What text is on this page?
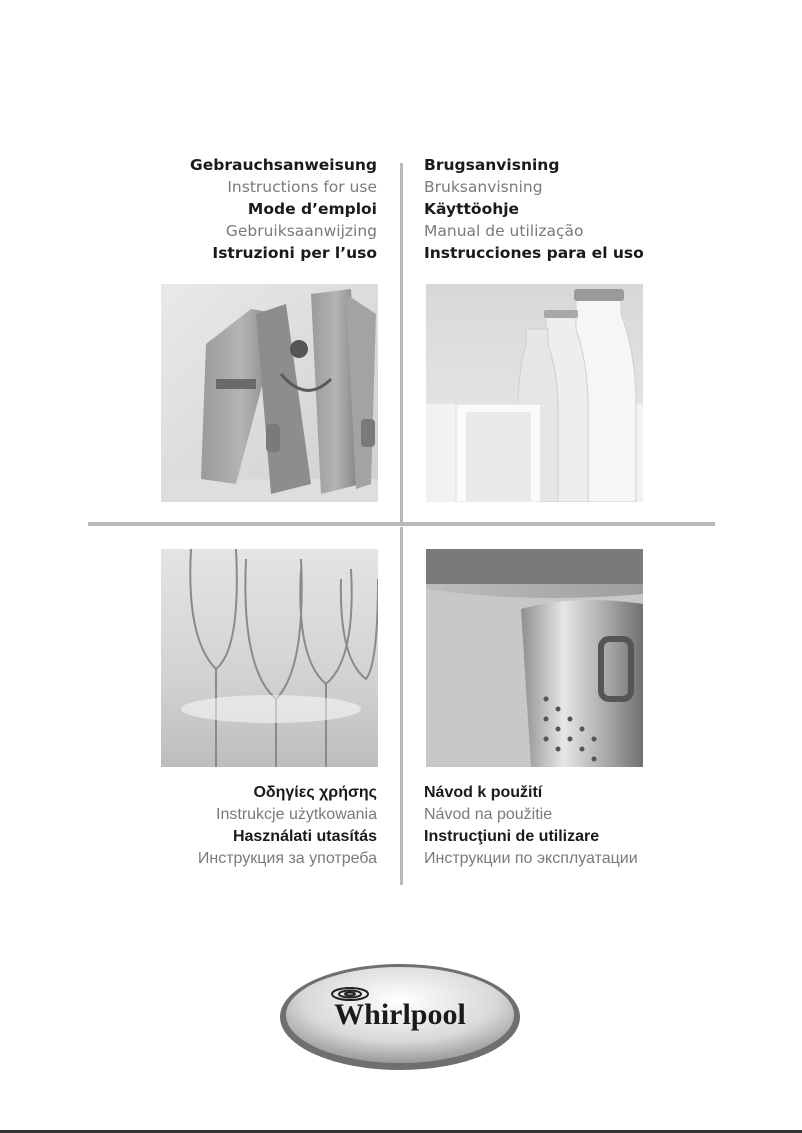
Gebrauchsanweisung
Instructions for use
Mode d’emploi
Gebruiksaanwijzing
Istruzioni per l’uso
Brugsanvisning
Bruksanvisning
Käyttöohje
Manual de utilização
Instrucciones para el uso
Οδηγίες χρήσης
Instrukcje użytkowania
Használati utasítás
Инструкция за употреба
Návod k použití
Návod na použitie
Instrucţiuni de utilizare
Инструкции по эксплуатации
Whirlpool
